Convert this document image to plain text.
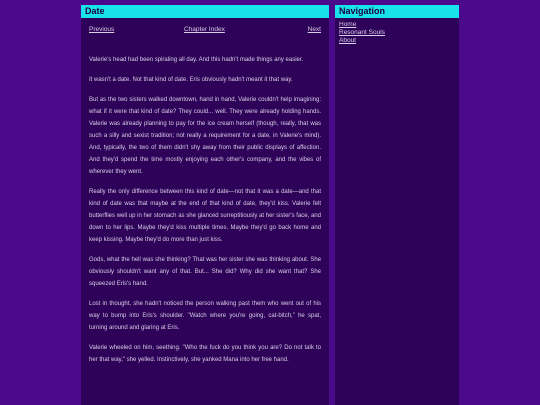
Date
Previous	Chapter Index	Next

Valerie's head had been spiraling all day. And this hadn't made things any easier.

It wasn't a date. Not that kind of date. Eris obviously hadn't meant it that way.

But as the two sisters walked downtown, hand in hand, Valerie couldn't help imagining: what if it were that kind of date? They could... well. They were already holding hands. Valerie was already planning to pay for the ice cream herself (though, really, that was such a silly and sexist tradition; not really a requirement for a date, in Valerie's mind). And, typically, the two of them didn't shy away from their public displays of affection. And they'd spend the time mostly enjoying each other's company, and the vibes of wherever they went.

Really the only difference between this kind of date—not that it was a date—and that kind of date was that maybe at the end of that kind of date, they'd kiss. Valerie felt butterflies well up in her stomach as she glanced surreptitiously at her sister's face, and down to her lips. Maybe they'd kiss multiple times. Maybe they'd go back home and keep kissing. Maybe they'd do more than just kiss.

Gods, what the hell was she thinking? That was her sister she was thinking about. She obviously shouldn't want any of that. But... She did? Why did she want that? She squeezed Eris's hand.

Lost in thought, she hadn't noticed the person walking past them who went out of his way to bump into Eris's shoulder. "Watch where you're going, cat-bitch," he spat, turning around and glaring at Eris.

Valerie wheeled on him, seething. "Who the fuck do you think you are? Do not talk to her that way," she yelled. Instinctively, she yanked Mana into her free hand.

Navigation
Home
Resonant Souls
About
